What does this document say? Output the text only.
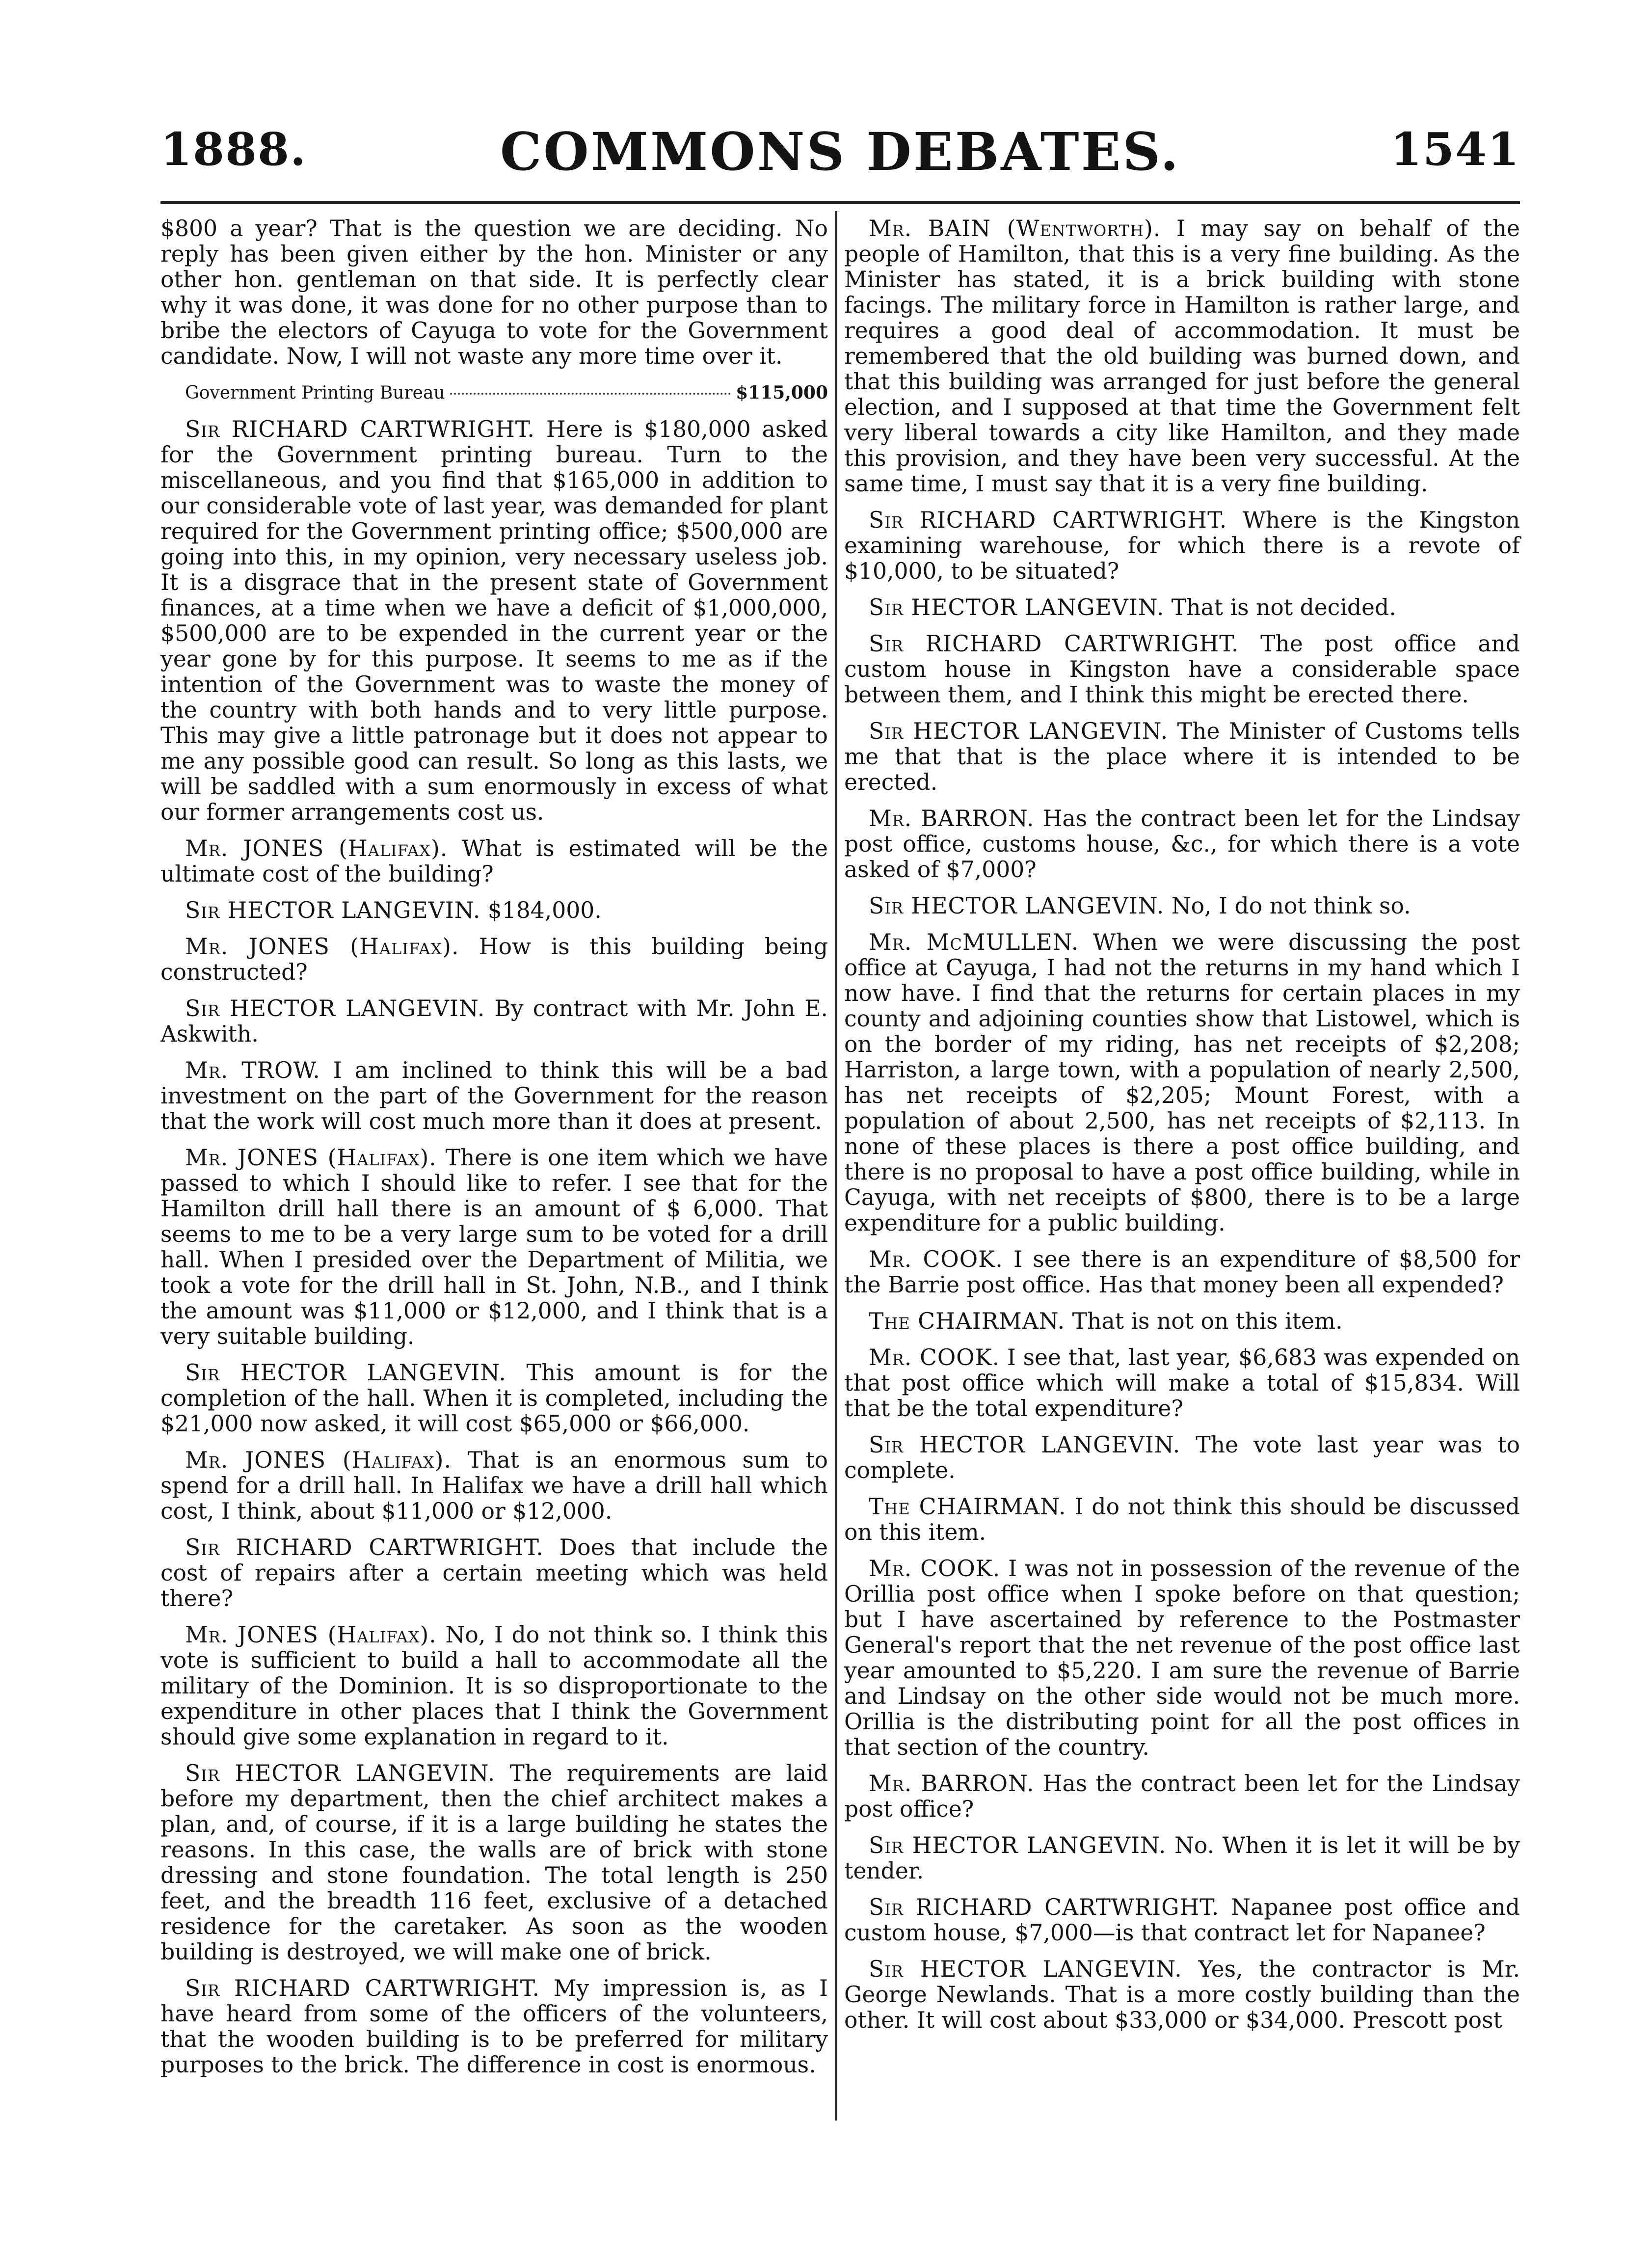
1888.	COMMONS DEBATES.	1541

$800 a year? That is the question we are deciding. No reply has been given either by the hon. Minister or any other hon. gentleman on that side. It is perfectly clear why it was done, it was done for no other purpose than to bribe the electors of Cayuga to vote for the Government candidate. Now, I will not waste any more time over it.

Government Printing Bureau	$115,000

Sir RICHARD CARTWRIGHT. Here is $180,000 asked for the Government printing bureau. Turn to the miscellaneous, and you find that $165,000 in addition to our considerable vote of last year, was demanded for plant required for the Government printing office; $500,000 are going into this, in my opinion, very necessary useless job. It is a disgrace that in the present state of Government finances, at a time when we have a deficit of $1,000,000, $500,000 are to be expended in the current year or the year gone by for this purpose. It seems to me as if the intention of the Government was to waste the money of the country with both hands and to very little purpose. This may give a little patronage but it does not appear to me any possible good can result. So long as this lasts, we will be saddled with a sum enormously in excess of what our former arrangements cost us.

Mr. JONES (Halifax). What is estimated will be the ultimate cost of the building?

Sir HECTOR LANGEVIN. $184,000.

Mr. JONES (Halifax). How is this building being constructed?

Sir HECTOR LANGEVIN. By contract with Mr. John E. Askwith.

Mr. TROW. I am inclined to think this will be a bad investment on the part of the Government for the reason that the work will cost much more than it does at present.

Mr. JONES (Halifax). There is one item which we have passed to which I should like to refer. I see that for the Hamilton drill hall there is an amount of $ 6,000. That seems to me to be a very large sum to be voted for a drill hall. When I presided over the Department of Militia, we took a vote for the drill hall in St. John, N.B., and I think the amount was $11,000 or $12,000, and I think that is a very suitable building.

Sir HECTOR LANGEVIN. This amount is for the completion of the hall. When it is completed, including the $21,000 now asked, it will cost $65,000 or $66,000.

Mr. JONES (Halifax). That is an enormous sum to spend for a drill hall. In Halifax we have a drill hall which cost, I think, about $11,000 or $12,000.

Sir RICHARD CARTWRIGHT. Does that include the cost of repairs after a certain meeting which was held there?

Mr. JONES (Halifax). No, I do not think so. I think this vote is sufficient to build a hall to accommodate all the military of the Dominion. It is so disproportionate to the expenditure in other places that I think the Government should give some explanation in regard to it.

Sir HECTOR LANGEVIN. The requirements are laid before my department, then the chief architect makes a plan, and, of course, if it is a large building he states the reasons. In this case, the walls are of brick with stone dressing and stone foundation. The total length is 250 feet, and the breadth 116 feet, exclusive of a detached residence for the caretaker. As soon as the wooden building is destroyed, we will make one of brick.

Sir RICHARD CARTWRIGHT. My impression is, as I have heard from some of the officers of the volunteers, that the wooden building is to be preferred for military purposes to the brick. The difference in cost is enormous.

Mr. BAIN (Wentworth). I may say on behalf of the people of Hamilton, that this is a very fine building. As the Minister has stated, it is a brick building with stone facings. The military force in Hamilton is rather large, and requires a good deal of accommodation. It must be remembered that the old building was burned down, and that this building was arranged for just before the general election, and I supposed at that time the Government felt very liberal towards a city like Hamilton, and they made this provision, and they have been very successful. At the same time, I must say that it is a very fine building.

Sir RICHARD CARTWRIGHT. Where is the Kingston examining warehouse, for which there is a revote of $10,000, to be situated?

Sir HECTOR LANGEVIN. That is not decided.

Sir RICHARD CARTWRIGHT. The post office and custom house in Kingston have a considerable space between them, and I think this might be erected there.

Sir HECTOR LANGEVIN. The Minister of Customs tells me that that is the place where it is intended to be erected.

Mr. BARRON. Has the contract been let for the Lindsay post office, customs house, &c., for which there is a vote asked of $7,000?

Sir HECTOR LANGEVIN. No, I do not think so.

Mr. McMULLEN. When we were discussing the post office at Cayuga, I had not the returns in my hand which I now have. I find that the returns for certain places in my county and adjoining counties show that Listowel, which is on the border of my riding, has net receipts of $2,208; Harriston, a large town, with a population of nearly 2,500, has net receipts of $2,205; Mount Forest, with a population of about 2,500, has net receipts of $2,113. In none of these places is there a post office building, and there is no proposal to have a post office building, while in Cayuga, with net receipts of $800, there is to be a large expenditure for a public building.

Mr. COOK. I see there is an expenditure of $8,500 for the Barrie post office. Has that money been all expended?

The CHAIRMAN. That is not on this item.

Mr. COOK. I see that, last year, $6,683 was expended on that post office which will make a total of $15,834. Will that be the total expenditure?

Sir HECTOR LANGEVIN. The vote last year was to complete.

The CHAIRMAN. I do not think this should be discussed on this item.

Mr. COOK. I was not in possession of the revenue of the Orillia post office when I spoke before on that question; but I have ascertained by reference to the Postmaster General's report that the net revenue of the post office last year amounted to $5,220. I am sure the revenue of Barrie and Lindsay on the other side would not be much more. Orillia is the distributing point for all the post offices in that section of the country.

Mr. BARRON. Has the contract been let for the Lindsay post office?

Sir HECTOR LANGEVIN. No. When it is let it will be by tender.

Sir RICHARD CARTWRIGHT. Napanee post office and custom house, $7,000—is that contract let for Napanee?

Sir HECTOR LANGEVIN. Yes, the contractor is Mr. George Newlands. That is a more costly building than the other. It will cost about $33,000 or $34,000. Prescott post
